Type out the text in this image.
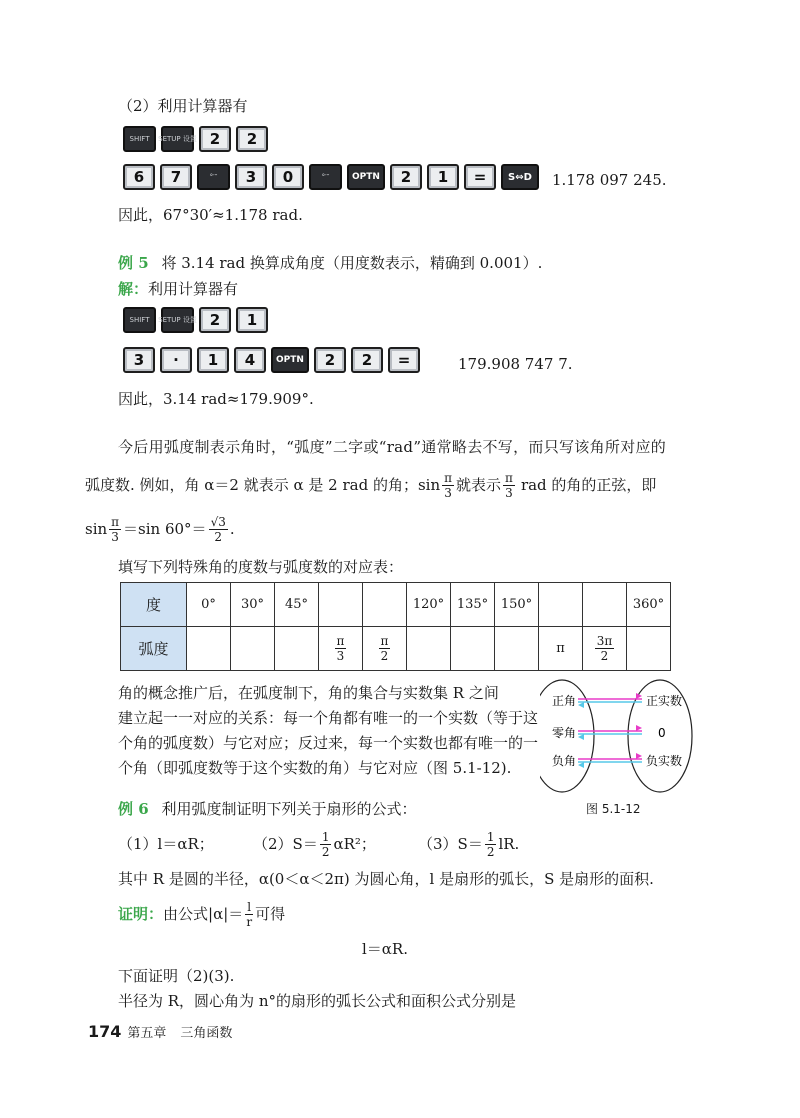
（2）利用计算器有
SHIFT	SETUP 设置 2	2
6	7	°′″	3	0	°′″	OPTN	2	1	=	S⇔D	1.178 097 245.
因此，67°30′≈1.178 rad.
例 5 将 3.14 rad 换算成角度（用度数表示，精确到 0.001）.
解：利用计算器有
SHIFT	SETUP 设置 2	1
3	·	1	4	OPTN	2	2	=	179.908 747 7.
因此，3.14 rad≈179.909°.
今后用弧度制表示角时，“弧度”二字或“rad”通常略去不写，而只写该角所对应的
弧度数. 例如，角 α＝2 就表示 α 是 2 rad 的角；$\sin \frac{\pi}{3}$ 就表示 $\frac{\pi}{3}$ rad 的角的正弦，即
$\sin \frac{\pi}{3} =\sin$ $60^\circ= \frac{√3}{2}$ .
填写下列特殊角的度数与弧度数的对应表：
度	0°	30°	45°			120°	135°	150°			360°
弧度				$\frac{\pi}{3}$	$\frac{\pi}{2}$				π	$\frac{3\pi}{2}$

角的概念推广后，在弧度制下，角的集合与实数集 R 之间
建立起一一对应的关系：每一个角都有唯一的一个实数（等于这
个角的弧度数）与它对应；反过来，每一个实数也都有唯一的一
个角（即弧度数等于这个实数的角）与它对应（图 5.1-12).
正角
零角
负角
正实数
0
负实数
图 5.1-12
例 6 利用弧度制证明下列关于扇形的公式：
（1）l＝αR；	$(2)S= \frac{1}{2} \alpha R^2$；	$(3)S= \frac{1}{2}$ lR.
其中 R 是圆的半径，α(0＜α＜2π) 为圆心角，l 是扇形的弧长，S 是扇形的面积.
证明： 由公式$|\alpha|= \frac{l}{r}$ 可得
l＝αR.
下面证明（2)(3).
半径为 R，圆心角为 n°的扇形的弧长公式和面积公式分别是
174 第五章 三角函数
